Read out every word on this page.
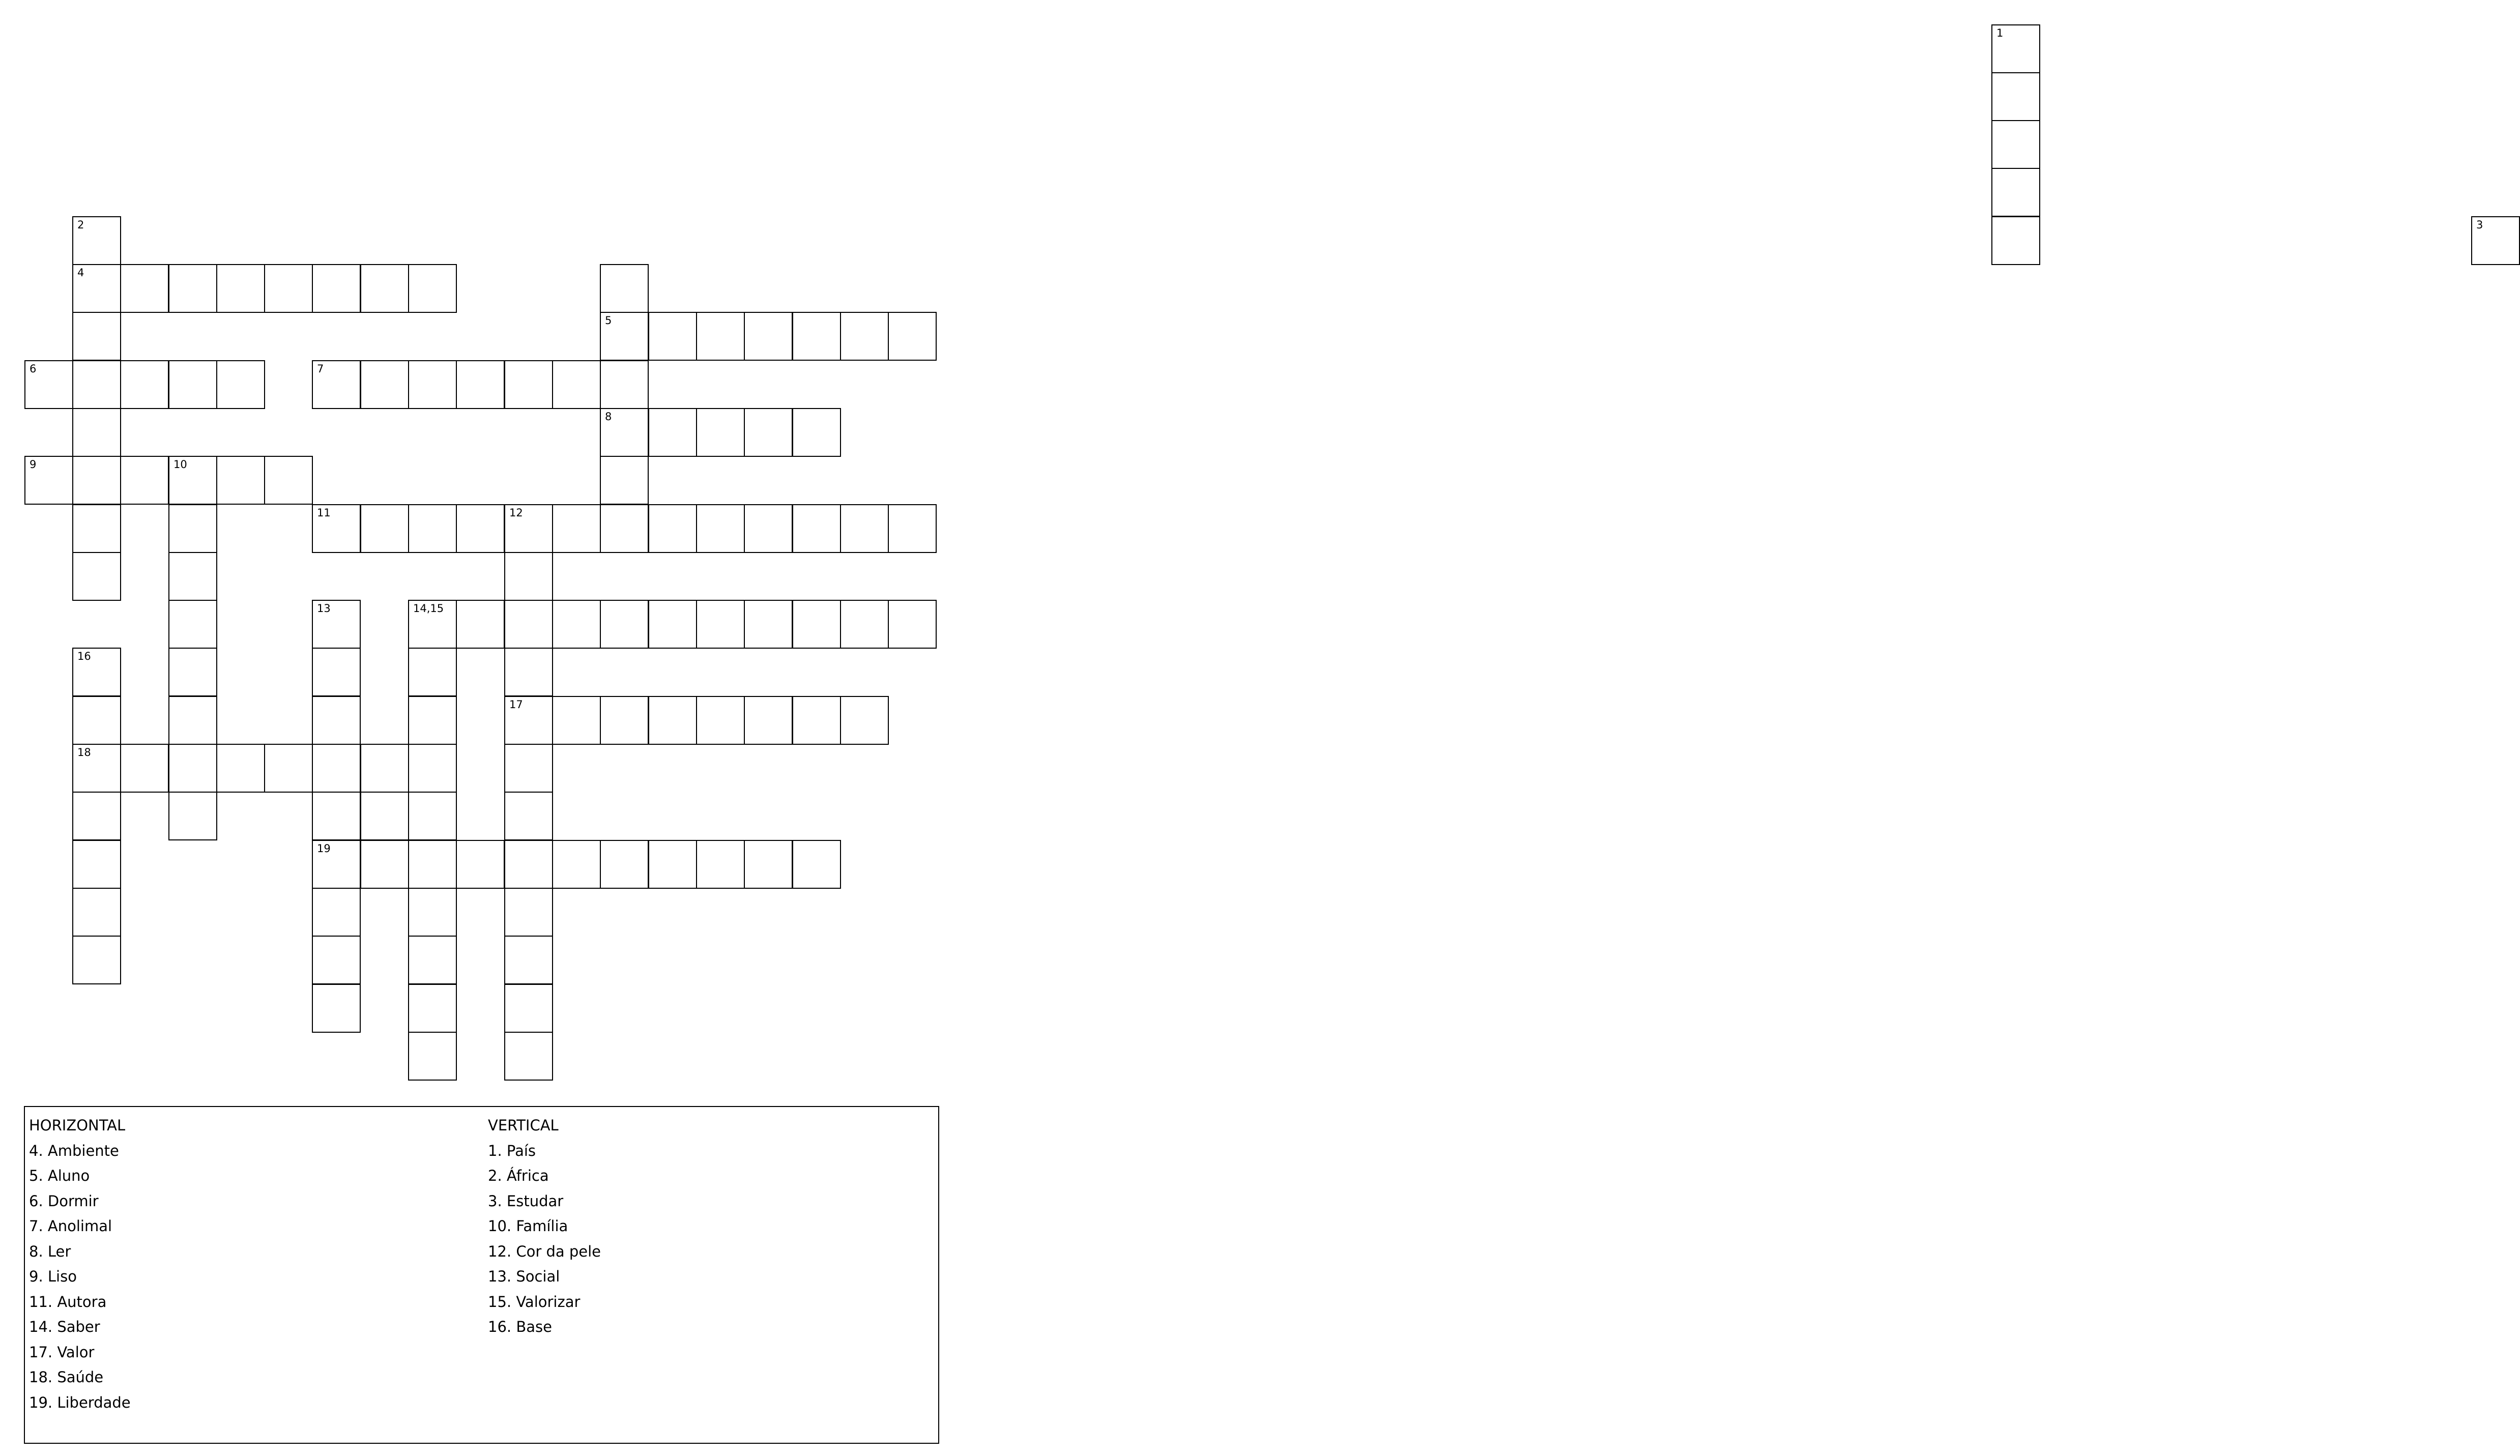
1
2	3
4
5
6	7
8
9	10
11	12
13	14,15
16
17
18
19
HORIZONTAL
4. Ambiente
5. Aluno
6. Dormir
7. Anolimal
8. Ler
9. Liso
11. Autora
14. Saber
17. Valor
18. Saúde
19. Liberdade
VERTICAL
1. País
2. África
3. Estudar
10. Família
12. Cor da pele
13. Social
15. Valorizar
16. Base
